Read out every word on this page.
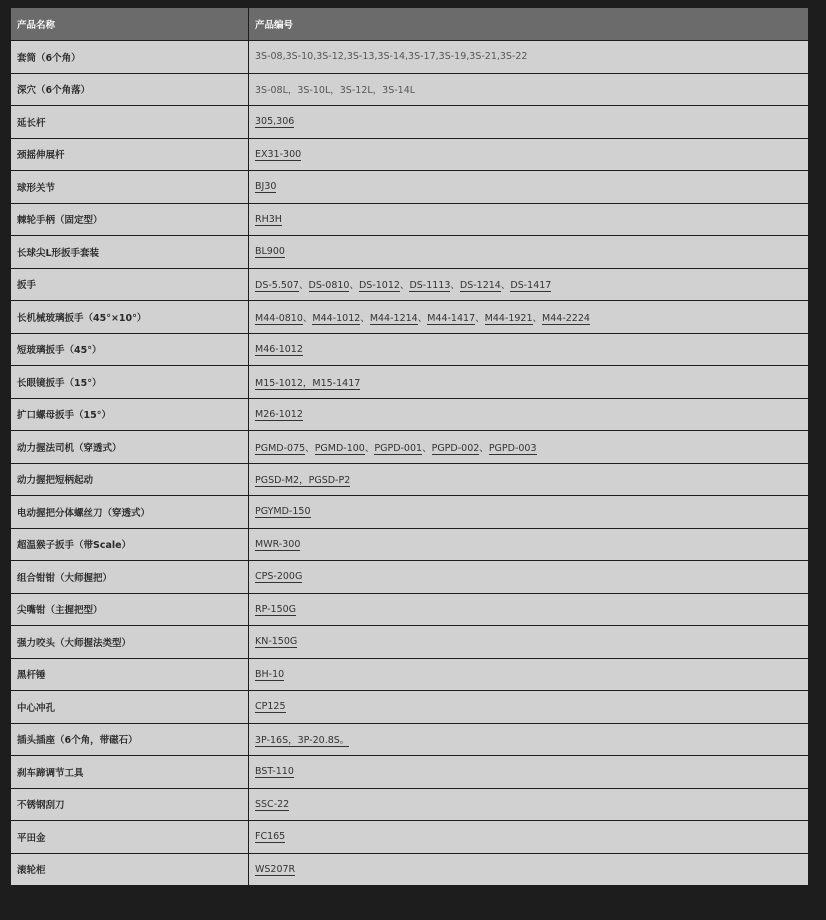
产品名称	产品编号
套筒（6个角）	3S-08,3S-10,3S-12,3S-13,3S-14,3S-17,3S-19,3S-21,3S-22
深穴（6个角落）	3S-08L，3S-10L，3S-12L，3S-14L
延长杆	305,306
颈摇伸展杆	EX31-300
球形关节	BJ30
棘轮手柄（固定型）	RH3H
长球尖L形扳手套装	BL900
扳手	DS-5.507、DS-0810、DS-1012、DS-1113、DS-1214、DS-1417
长机械玻璃扳手（45°×10°）	M44-0810、M44-1012、M44-1214、M44-1417、M44-1921、M44-2224
短玻璃扳手（45°）	M46-1012
长眼镜扳手（15°）	M15-1012，M15-1417
扩口螺母扳手（15°）	M26-1012
动力握法司机（穿透式）	PGMD-075、PGMD-100、PGPD-001、PGPD-002、PGPD-003
动力握把短柄起动	PGSD-M2，PGSD-P2
电动握把分体螺丝刀（穿透式）	PGYMD-150
超温猴子扳手（带Scale）	MWR-300
组合钳钳（大师握把）	CPS-200G
尖嘴钳（主握把型）	RP-150G
强力咬头（大师握法类型）	KN-150G
黑杆锤	BH-10
中心冲孔	CP125
插头插座（6个角，带磁石）	3P-16S，3P-20.8S。
刹车蹄调节工具	BST-110
不锈钢刮刀	SSC-22
平田金	FC165
滚轮柜	WS207R
